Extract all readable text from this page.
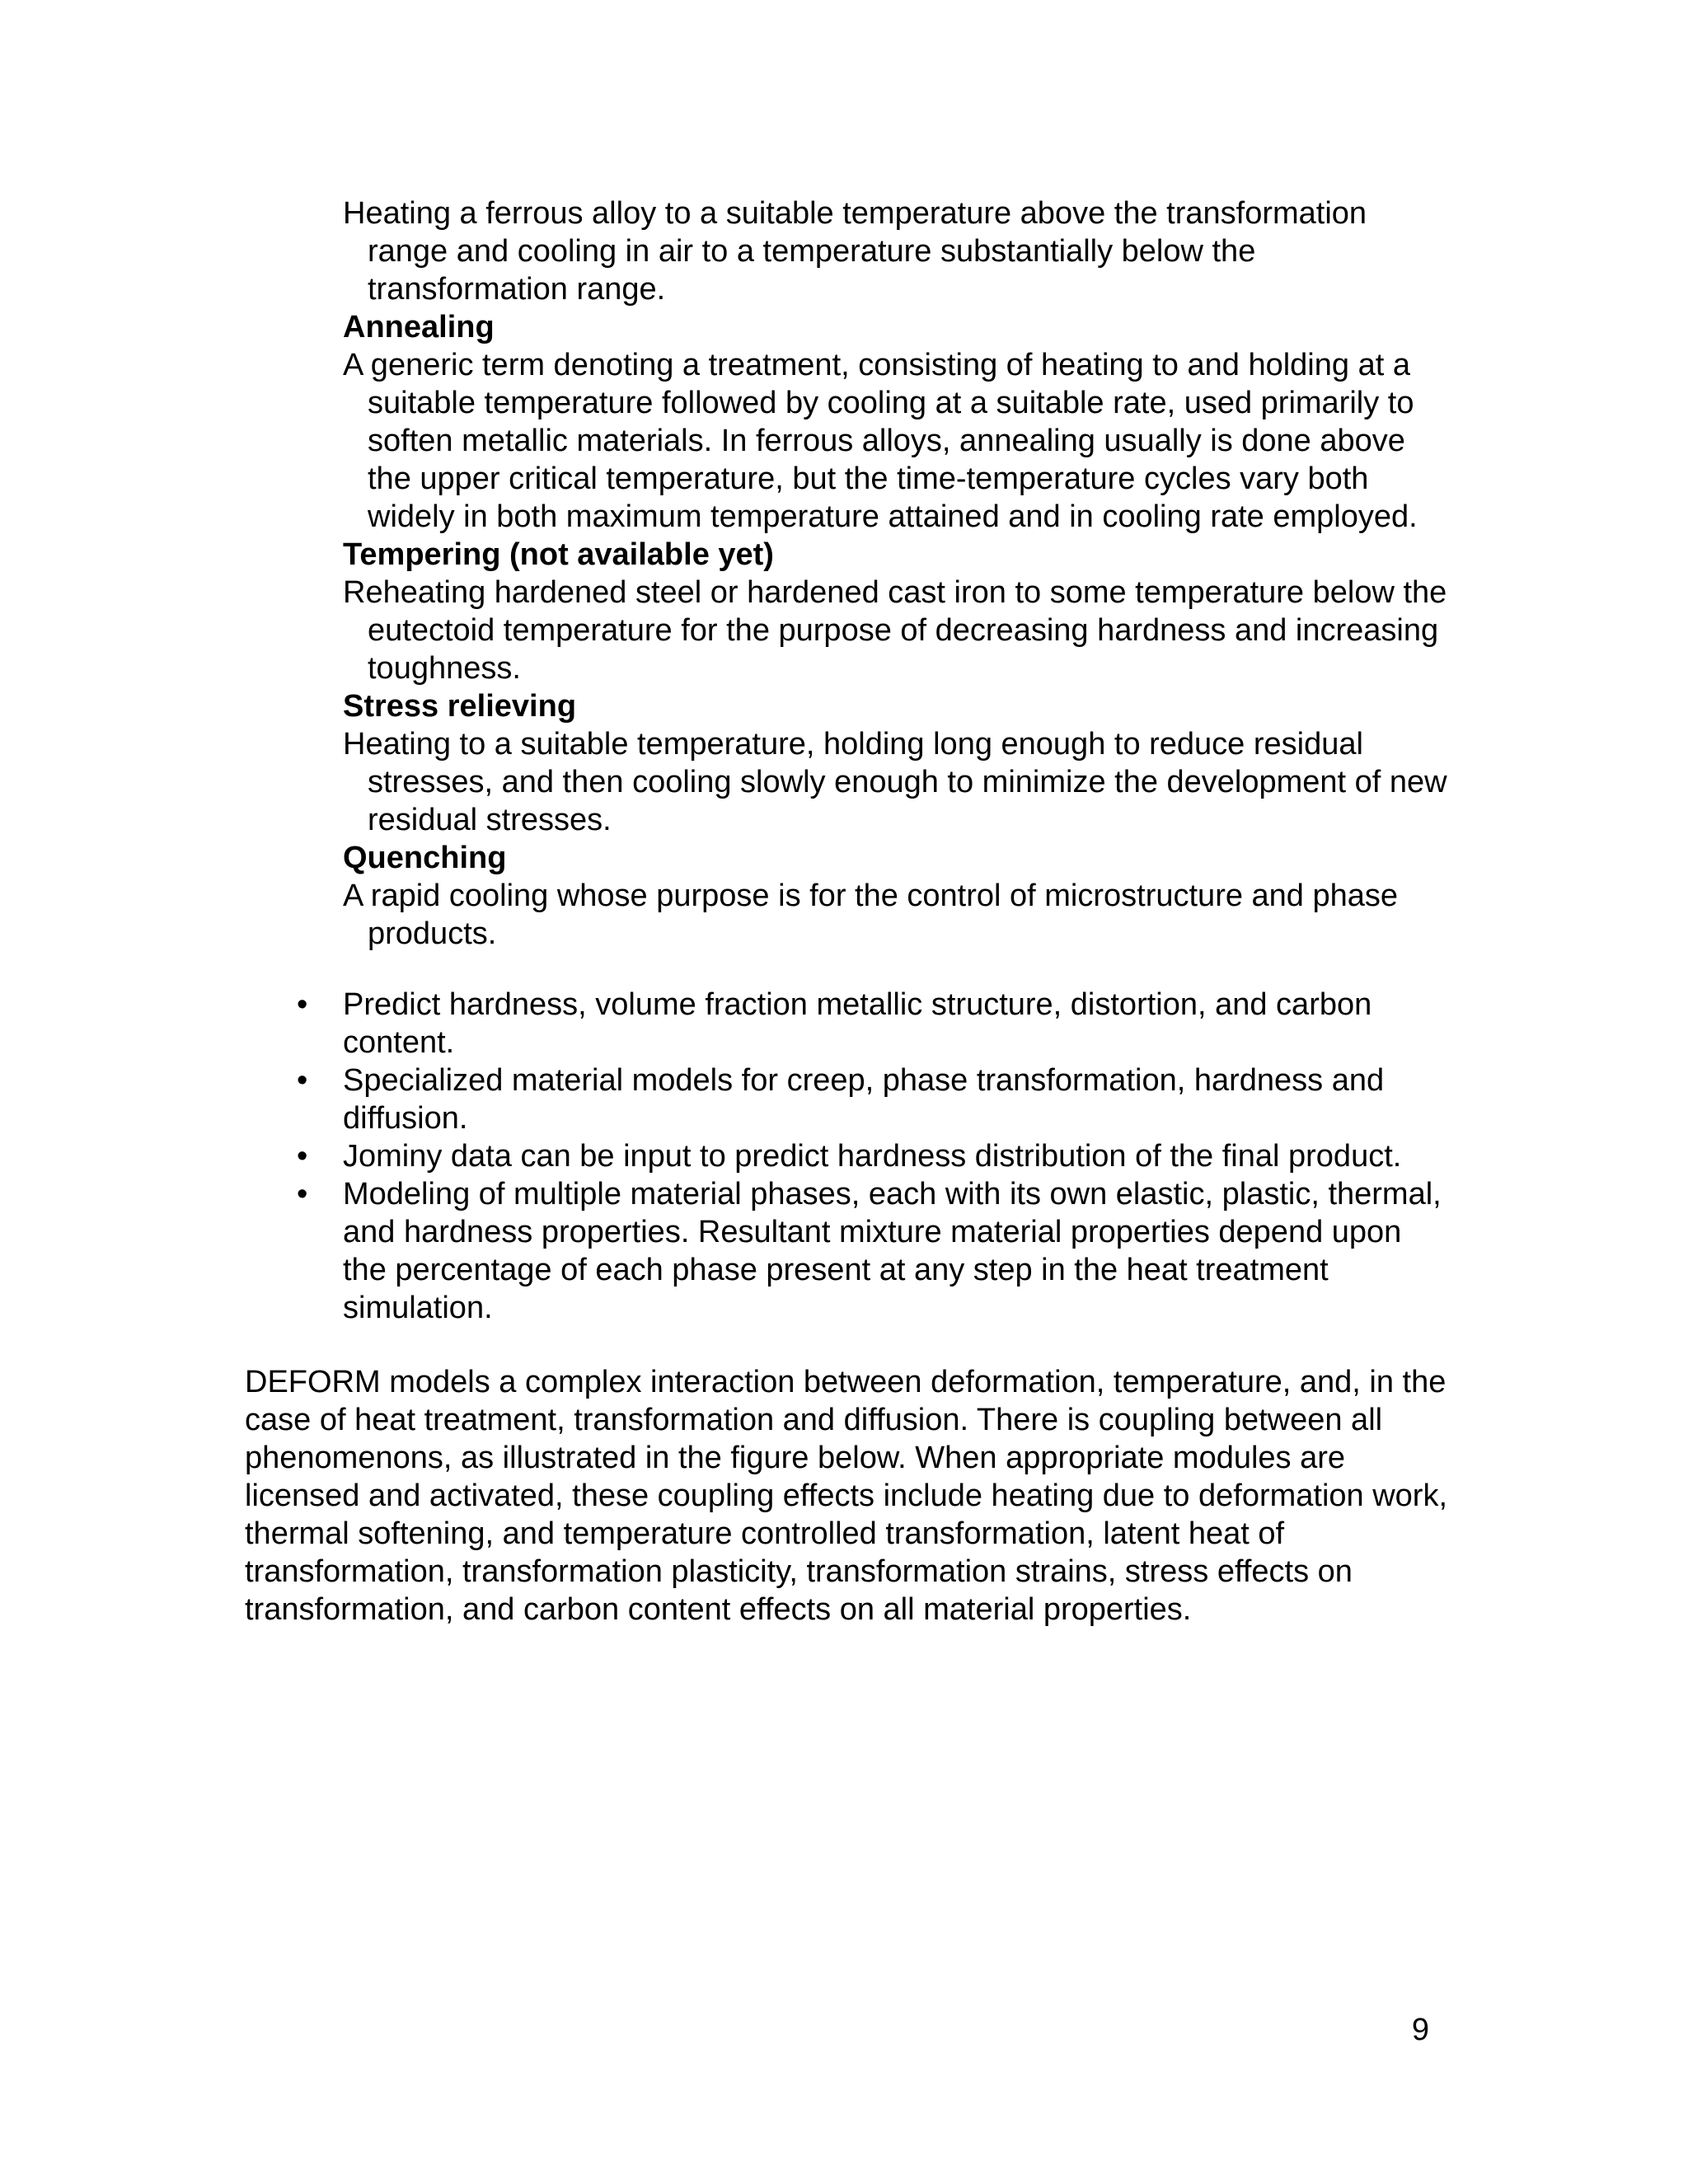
Heating a ferrous alloy to a suitable temperature above the transformation range and cooling in air to a temperature substantially below the transformation range.

Annealing

A generic term denoting a treatment, consisting of heating to and holding at a suitable temperature followed by cooling at a suitable rate, used primarily to soften metallic materials. In ferrous alloys, annealing usually is done above the upper critical temperature, but the time-temperature cycles vary both widely in both maximum temperature attained and in cooling rate employed.

Tempering (not available yet)

Reheating hardened steel or hardened cast iron to some temperature below the eutectoid temperature for the purpose of decreasing hardness and increasing toughness.

Stress relieving

Heating to a suitable temperature, holding long enough to reduce residual stresses, and then cooling slowly enough to minimize the development of new residual stresses.

Quenching

A rapid cooling whose purpose is for the control of microstructure and phase products.

• Predict hardness, volume fraction metallic structure, distortion, and carbon content.
• Specialized material models for creep, phase transformation, hardness and diffusion.
• Jominy data can be input to predict hardness distribution of the final product.
• Modeling of multiple material phases, each with its own elastic, plastic, thermal, and hardness properties. Resultant mixture material properties depend upon the percentage of each phase present at any step in the heat treatment simulation.

DEFORM models a complex interaction between deformation, temperature, and, in the case of heat treatment, transformation and diffusion. There is coupling between all phenomenons, as illustrated in the figure below. When appropriate modules are licensed and activated, these coupling effects include heating due to deformation work, thermal softening, and temperature controlled transformation, latent heat of transformation, transformation plasticity, transformation strains, stress effects on transformation, and carbon content effects on all material properties.

9
